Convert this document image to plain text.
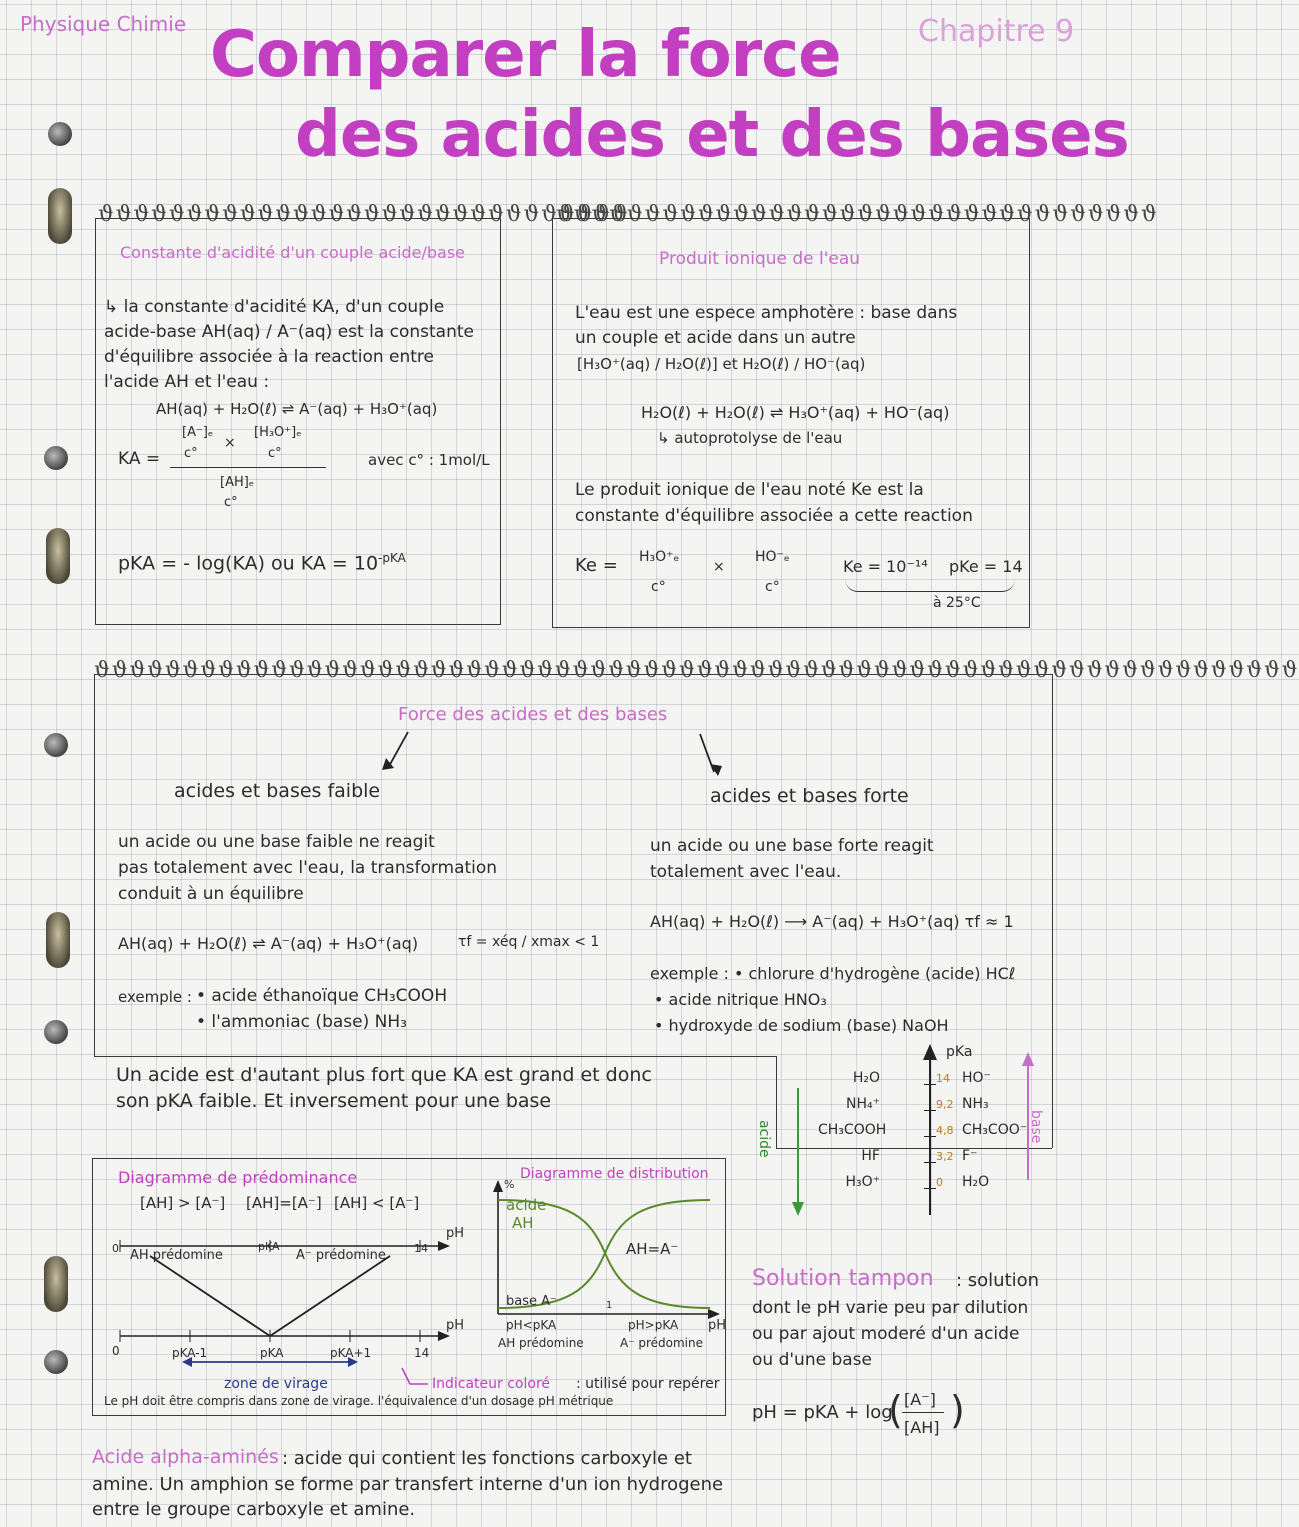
Physique Chimie	Chapitre 9
Comparer la force
des acides et des bases
ϑϑϑϑϑϑϑϑϑϑϑϑϑϑϑϑϑϑϑϑϑϑϑϑϑϑϑϑϑϑ
Constante d'acidité d'un couple acide/base
↳ la constante d'acidité KA, d'un couple
acide-base AH(aq) / A⁻(aq) est la constante
d'équilibre associée à la reaction entre
l'acide AH et l'eau :
AH(aq) + H₂O(ℓ) ⇌ A⁻(aq) + H₃O⁺(aq)
KA =
[A⁻]ₑ	[H₃O⁺]ₑ
c°
×
c°
[AH]ₑ
c°
avec c° : 1mol/L
pKA = - log(KA) ou KA = $10^{-pKA}$
ϑϑϑϑϑϑϑϑϑϑϑϑϑϑϑϑϑϑϑϑϑϑϑϑϑϑϑϑϑϑϑϑϑϑ
Produit ionique de l'eau
L'eau est une espece amphotère : base dans
un couple et acide dans un autre
[H₃O⁺(aq) / H₂O(ℓ)] et H₂O(ℓ) / HO⁻(aq)
H₂O(ℓ) + H₂O(ℓ) ⇌ H₃O⁺(aq) + HO⁻(aq)
↳ autoprotolyse de l'eau
Le produit ionique de l'eau noté Ke est la
constante d'équilibre associée a cette reaction
Ke = H₃O⁺ₑ
c°
×
HO⁻ₑ
c°
Ke = 10⁻¹⁴ pKe = 14
à 25°C
ϑϑϑϑϑϑϑϑϑϑϑϑϑϑϑϑϑϑϑϑϑϑϑϑϑϑϑϑϑϑϑϑϑϑϑϑϑϑϑϑϑϑϑϑϑϑϑϑϑϑϑϑϑϑϑϑϑϑϑϑϑϑϑϑϑϑϑϑ
Force des acides et des bases
acides et bases faible	acides et bases forte
un acide ou une base faible ne reagit
pas totalement avec l'eau, la transformation
conduit à un équilibre
AH(aq) + H₂O(ℓ) ⇌ A⁻(aq) + H₃O⁺(aq)	τf = xéq / xmax < 1
exemple : • acide éthanoïque CH₃COOH
• l'ammoniac (base) NH₃
un acide ou une base forte reagit
totalement avec l'eau.
AH(aq) + H₂O(ℓ) ⟶ A⁻(aq) + H₃O⁺(aq) τf ≈ 1
exemple : • chlorure d'hydrogène (acide) HCℓ
• acide nitrique HNO₃
• hydroxyde de sodium (base) NaOH
Un acide est d'autant plus fort que KA est grand et donc
son pKA faible. Et inversement pour une base
pKa
acide	base
H₂O	14 HO⁻
NH₄⁺	9,2 NH₃
CH₃COOH	4,8 CH₃COO⁻
HF	3,2 F⁻
H₃O⁺	0 H₂O
Diagramme de prédominance
[AH] > [A⁻] [AH]=[A⁻] [AH] < [A⁻]
0 AH prédomine
pKA
A⁻ prédomine	14
pH
0	pKA-1	pKA	pKA+1	14
pH
zone de virage
Diagramme de distribution
%
acide
AH
AH=A⁻
base A⁻	1
pH
pH<pKA
AH prédomine
pH>pKA
A⁻ prédomine
Indicateur coloré : utilisé pour repérer
Le pH doit être compris dans zone de virage. l'équivalence d'un dosage pH métrique
Solution tampon : solution
dont le pH varie peu par dilution
ou par ajout moderé d'un acide
ou d'une base
pH = pKA + log
( )
[A⁻]
[AH]
Acide alpha-aminés : acide qui contient les fonctions carboxyle et
amine. Un amphion se forme par transfert interne d'un ion hydrogene
entre le groupe carboxyle et amine.
